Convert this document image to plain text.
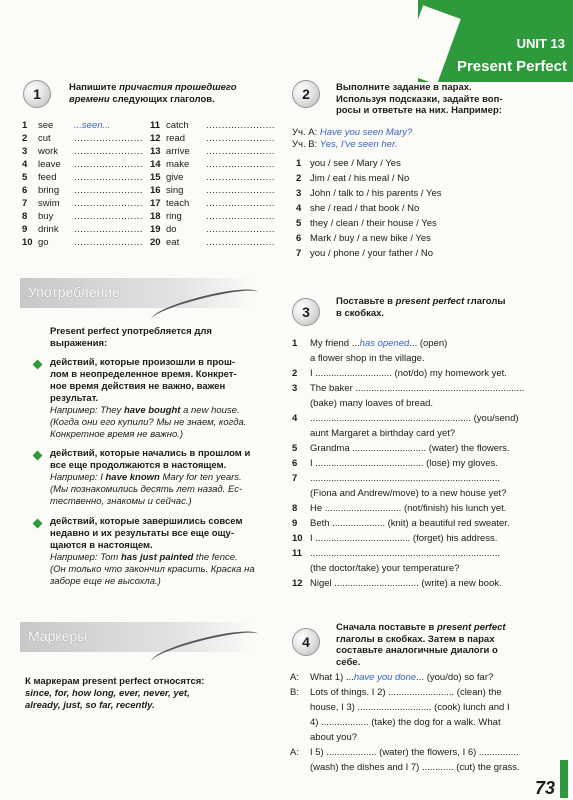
UNIT 13
Present Perfect
1	Напишите причастия прошедшего
времени следующих глаголов.
1 see ...seen...
2 cut ......................
3 work ......................
4 leave ......................
5 feed ......................
6 bring ......................
7 swim ......................
8 buy ......................
9 drink ......................
10 go	......................
11 catch ......................
12 read ......................
13 arrive ......................
14 make ......................
15 give ......................
16 sing ......................
17 teach ......................
18 ring	......................
19 do	......................
20 eat	......................
2	Выполните задание в парах.
Используя подсказки, задайте воп-
росы и ответьте на них. Например:
Уч. А: Have you seen Mary?
Уч. В: Yes, I've seen her.
1 you / see / Mary / Yes
2 Jim / eat / his meal / No
3 John / talk to / his parents / Yes
4 she / read / that book / No
5 they / clean / their house / Yes
6 Mark / buy / a new bike / Yes
7 you / phone / your father / No
Употребление
Present perfect употребляется для
выражения:
действий, которые произошли в прош-
лом в неопределенное время. Конкрет-
ное время действия не важно, важен
результат.
Например: They have bought a new house.
(Когда они его купили? Мы не знаем, когда.
Конкретное время не важно.)
действий, которые начались в прошлом и
все еще продолжаются в настоящем.
Например: I have known Mary for ten years.
(Мы познакомились десять лет назад. Ес-
тественно, знакомы и сейчас.)
действий, которые завершились совсем
недавно и их результаты все еще ощу-
щаются в настоящем.
Например: Tom has just painted the fence.
(Он только что закончил красить. Краска на
заборе еще не высохла.)
Маркеры
К маркерам present perfect относятся:
since, for, how long, ever, never, yet,
already, just, so far, recently.
3
Поставьте в present perfect глаголы
в скобках.
1 My friend ...has opened... (open)
a flower shop in the village.
2 I ............................. (not/do) my homework yet.
3 The baker ................................................................
(bake) many loaves of bread.
4 ............................................................. (you/send)
aunt Margaret a birthday card yet?
5 Grandma ............................ (water) the flowers.
6 I ......................................... (lose) my gloves.
7 ........................................................................
(Fiona and Andrew/move) to a new house yet?
8 He ............................. (not/finish) his lunch yet.
9 Beth .................... (knit) a beautiful red sweater.
10 I .................................... (forget) his address.
11 ........................................................................
(the doctor/take) your temperature?
12 Nigel ................................ (write) a new book.
4
Сначала поставьте в present perfect
глаголы в скобках. Затем в парах
составьте аналогичные диалоги о
себе.
A: What 1) ...have you done... (you/do) so far?
B: Lots of things. I 2) ......................... (clean) the
house, I 3) ............................ (cook) lunch and I
4) .................. (take) the dog for a walk. What
about you?
A: I 5) ................... (water) the flowers, I 6) ...............
(wash) the dishes and I 7) ............ (cut) the grass.
73
